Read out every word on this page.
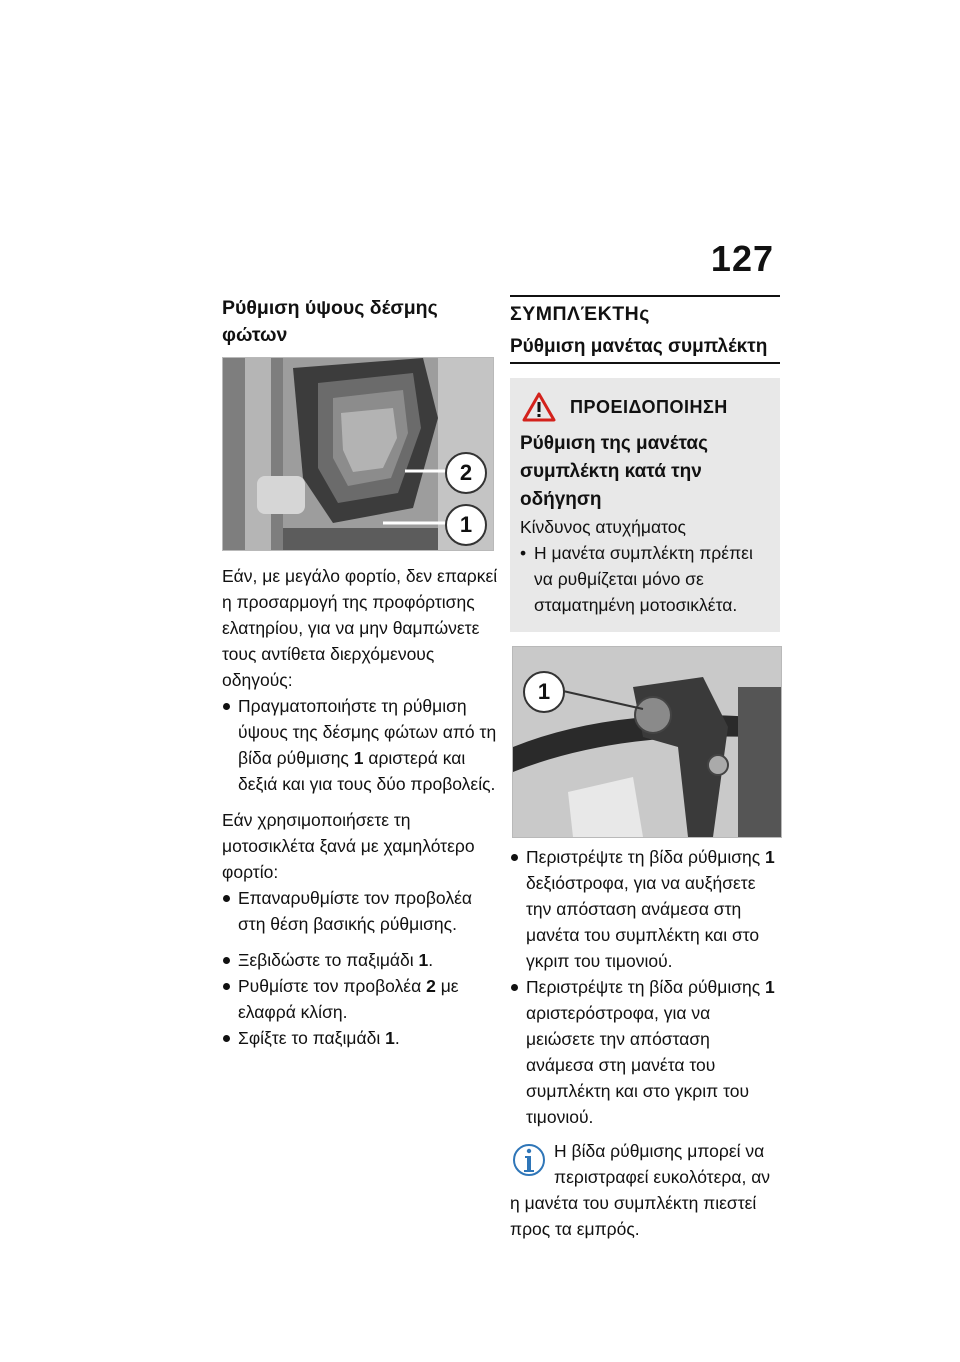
127
Ρύθμιση ύψους δέσμης φώτων
2
1

Εάν, με μεγάλο φορτίο, δεν επαρκεί η προσαρμογή της προφόρτισης ελατηρίου, για να μην θαμπώνετε τους αντίθετα διερχόμενους οδηγούς:

Πραγματοποιήστε τη ρύθμιση ύψους της δέσμης φώτων από τη βίδα ρύθμισης 1 αριστερά και δεξιά και για τους δύο προβολείς.

Εάν χρησιμοποιήσετε τη μοτοσικλέτα ξανά με χαμηλότερο φορτίο:

Επαναρυθμίστε τον προβολέα στη θέση βασικής ρύθμισης.
Ξεβιδώστε το παξιμάδι 1.
Ρυθμίστε τον προβολέα 2 με ελαφρά κλίση.
Σφίξτε το παξιμάδι 1.
ΣΥΜΠΛΈΚΤΗς
Ρύθμιση μανέτας συμπλέκτη
ΠΡΟΕΙΔΟΠΟΙΗΣΗ

Ρύθμιση της μανέτας συμπλέκτη κατά την οδήγηση

Κίνδυνος ατυχήματος

• Η μανέτα συμπλέκτη πρέπει να ρυθμίζεται μόνο σε σταματημένη μοτοσικλέτα.
1
Περιστρέψτε τη βίδα ρύθμισης 1 δεξιόστροφα, για να αυξήσετε την απόσταση ανάμεσα στη μανέτα του συμπλέκτη και στο γκριπ του τιμονιού.
Περιστρέψτε τη βίδα ρύθμισης 1 αριστερόστροφα, για να μειώσετε την απόσταση ανάμεσα στη μανέτα του συμπλέκτη και στο γκριπ του τιμονιού.
Η βίδα ρύθμισης μπορεί να περιστραφεί ευκολότερα, αν η μανέτα του συμπλέκτη πιεστεί προς τα εμπρός.
